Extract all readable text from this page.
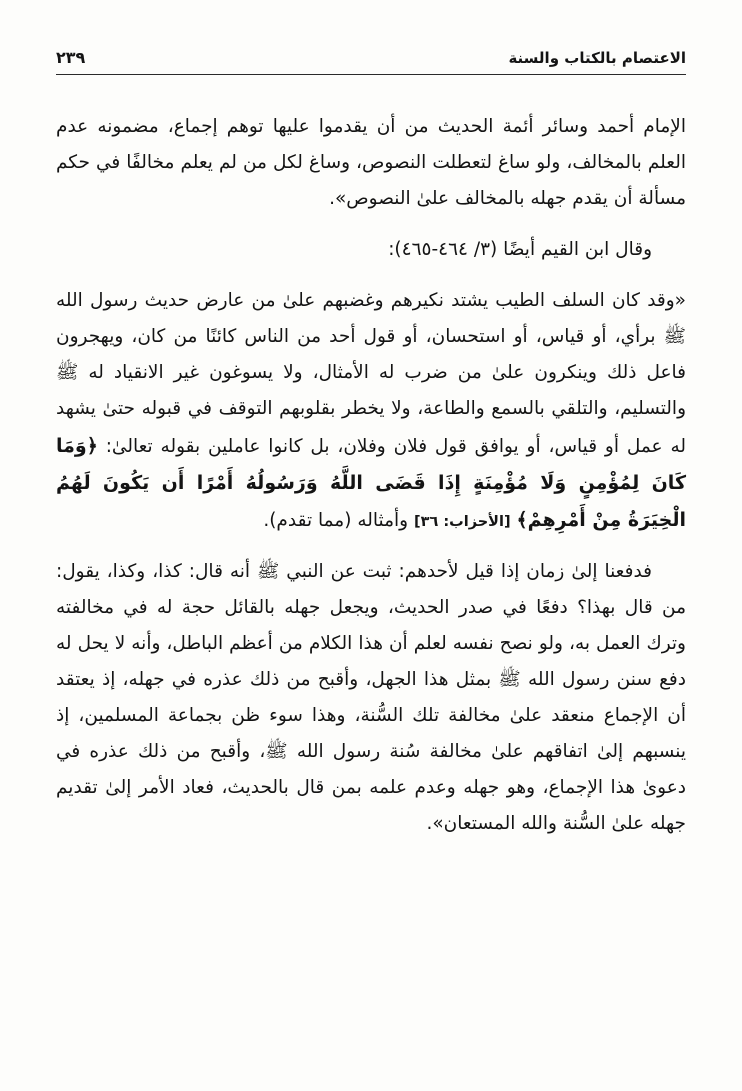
الاعتصام بالكتاب والسنة
٢٣٩

الإمام أحمد وسائر أئمة الحديث من أن يقدموا عليها توهم إجماع، مضمونه عدم العلم بالمخالف، ولو ساغ لتعطلت النصوص، وساغ لكل من لم يعلم مخالفًا في حكم مسألة أن يقدم جهله بالمخالف علىٰ النصوص».

وقال ابن القيم أيضًا (٣/ ٤٦٤-٤٦٥):

«وقد كان السلف الطيب يشتد نكيرهم وغضبهم علىٰ من عارض حديث رسول الله ﷺ برأي، أو قياس، أو استحسان، أو قول أحد من الناس كائنًا من كان، ويهجرون فاعل ذلك وينكرون علىٰ من ضرب له الأمثال، ولا يسوغون غير الانقياد له ﷺ والتسليم، والتلقي بالسمع والطاعة، ولا يخطر بقلوبهم التوقف في قبوله حتىٰ يشهد له عمل أو قياس، أو يوافق قول فلان وفلان، بل كانوا عاملين بقوله تعالىٰ: ﴿وَمَا كَانَ لِمُؤْمِنٍ وَلَا مُؤْمِنَةٍ إِذَا قَضَى اللَّهُ وَرَسُولُهُ أَمْرًا أَن يَكُونَ لَهُمُ الْخِيَرَةُ مِنْ أَمْرِهِمْ﴾ [الأحزاب: ٣٦] وأمثاله (مما تقدم).

فدفعنا إلىٰ زمان إذا قيل لأحدهم: ثبت عن النبي ﷺ أنه قال: كذا، وكذا، يقول: من قال بهذا؟ دفعًا في صدر الحديث، ويجعل جهله بالقائل حجة له في مخالفته وترك العمل به، ولو نصح نفسه لعلم أن هذا الكلام من أعظم الباطل، وأنه لا يحل له دفع سنن رسول الله ﷺ بمثل هذا الجهل، وأقبح من ذلك عذره في جهله، إذ يعتقد أن الإجماع منعقد علىٰ مخالفة تلك السُّنة، وهذا سوء ظن بجماعة المسلمين، إذ ينسبهم إلىٰ اتفاقهم علىٰ مخالفة سُنة رسول الله ﷺ، وأقبح من ذلك عذره في دعوىٰ هذا الإجماع، وهو جهله وعدم علمه بمن قال بالحديث، فعاد الأمر إلىٰ تقديم جهله علىٰ السُّنة والله المستعان».
